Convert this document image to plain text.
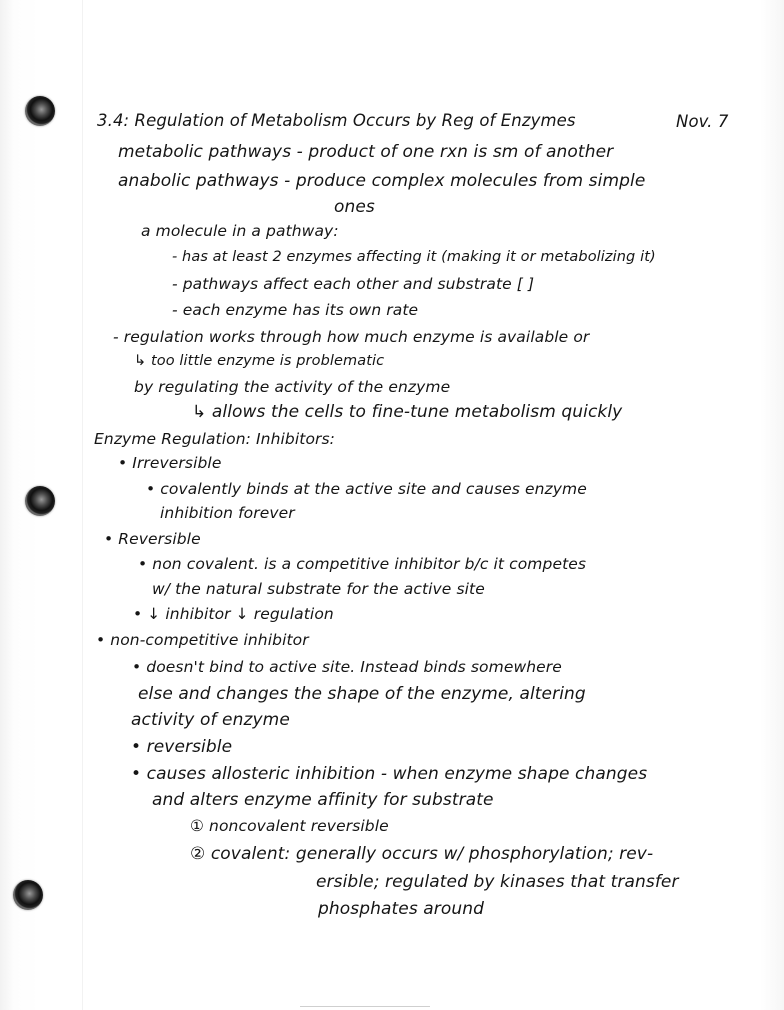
3.4: Regulation of Metabolism Occurs by Reg of Enzymes	Nov. 7
metabolic pathways - product of one rxn is sm of another
anabolic pathways - produce complex molecules from simple
ones
a molecule in a pathway:
- has at least 2 enzymes affecting it (making it or metabolizing it)
- pathways affect each other and substrate [ ]
- each enzyme has its own rate
- regulation works through how much enzyme is available or
↳ too little enzyme is problematic
by regulating the activity of the enzyme
↳ allows the cells to fine-tune metabolism quickly
Enzyme Regulation: Inhibitors:
• Irreversible
• covalently binds at the active site and causes enzyme
inhibition forever
• Reversible
• non covalent. is a competitive inhibitor b/c it competes
w/ the natural substrate for the active site
• ↓ inhibitor ↓ regulation
• non-competitive inhibitor
• doesn't bind to active site. Instead binds somewhere
else and changes the shape of the enzyme, altering
activity of enzyme
• reversible
• causes allosteric inhibition - when enzyme shape changes
and alters enzyme affinity for substrate
① noncovalent reversible
② covalent: generally occurs w/ phosphorylation; rev-
ersible; regulated by kinases that transfer
phosphates around
